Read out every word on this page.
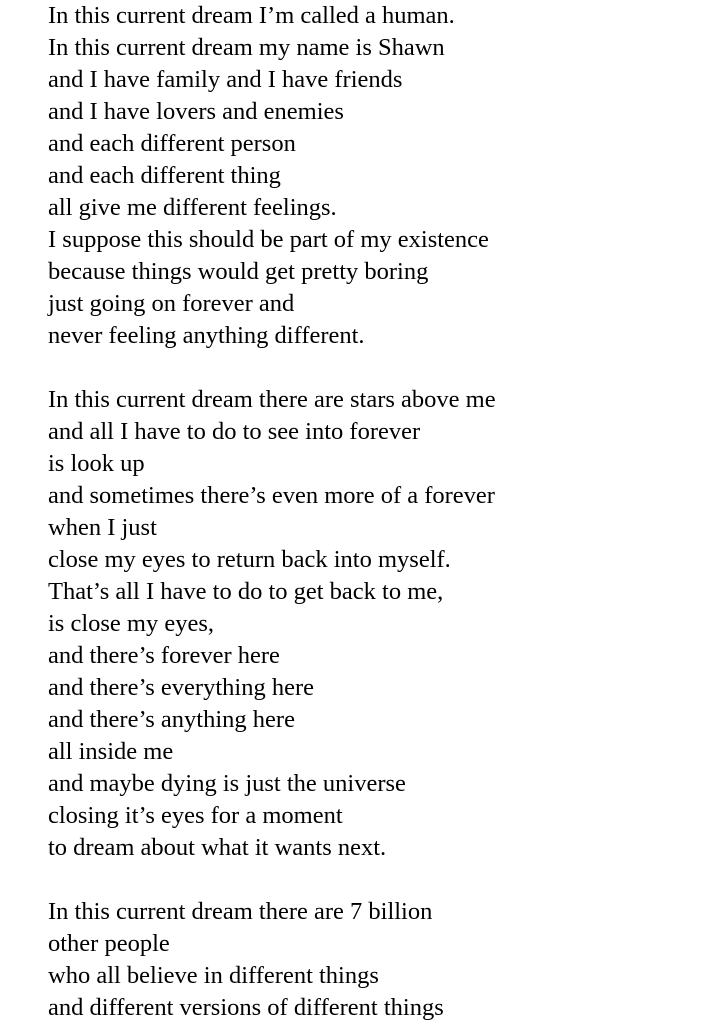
In this current dream I’m called a human.
In this current dream my name is Shawn
and I have family and I have friends
and I have lovers and enemies
and each different person
and each different thing
all give me different feelings.
I suppose this should be part of my existence
because things would get pretty boring
just going on forever and
never feeling anything different.
In this current dream there are stars above me
and all I have to do to see into forever
is look up
and sometimes there’s even more of a forever
when I just
close my eyes to return back into myself.
That’s all I have to do to get back to me,
is close my eyes,
and there’s forever here
and there’s everything here
and there’s anything here
all inside me
and maybe dying is just the universe
closing it’s eyes for a moment
to dream about what it wants next.
In this current dream there are 7 billion
other people
who all believe in different things
and different versions of different things
